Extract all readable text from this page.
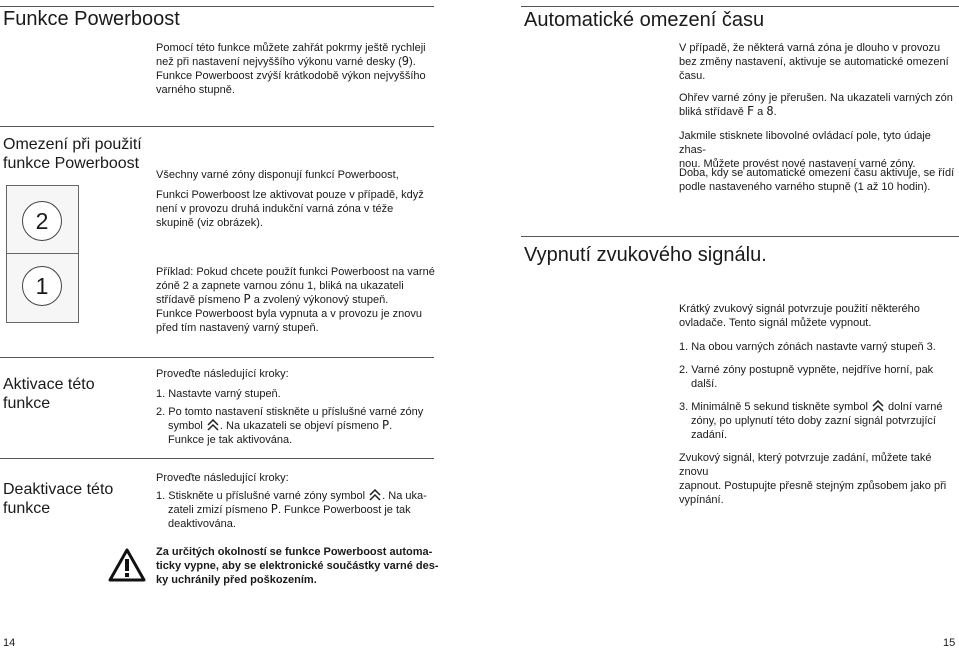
Funkce Powerboost
Pomocí této funkce můžete zahřát pokrmy ještě rychleji
než při nastavení nejvyššího výkonu varné desky (9).
Funkce Powerboost zvýší krátkodobě výkon nejvyššího
varného stupně.
Omezení při použití funkce Powerboost
Všechny varné zóny disponují funkcí Powerboost,
Funkci Powerboost lze aktivovat pouze v případě, když
není v provozu druhá indukční varná zóna v téže
skupině (viz obrázek).
2
1
Příklad: Pokud chcete použít funkci Powerboost na varné
zóně 2 a zapnete varnou zónu 1, bliká na ukazateli
střídavě písmeno P a zvolený výkonový stupeň.
Funkce Powerboost byla vypnuta a v provozu je znovu
před tím nastavený varný stupeň.
Aktivace této funkce
Proveďte následující kroky:
1. Nastavte varný stupeň.
2. Po tomto nastavení stiskněte u příslušné varné zóny
symbol . Na ukazateli se objeví písmeno P.
Funkce je tak aktivována.
Deaktivace této funkce
Proveďte následující kroky:
1. Stiskněte u příslušné varné zóny symbol . Na uka-
zateli zmizí písmeno P. Funkce Powerboost je tak
deaktivována.
Za určitých okolností se funkce Powerboost automa-
ticky vypne, aby se elektronické součástky varné des-
ky uchránily před poškozením.
14
Automatické omezení času
V případě, že některá varná zóna je dlouho v provozu
bez změny nastavení, aktivuje se automatické omezení
času.
Ohřev varné zóny je přerušen. Na ukazateli varných zón
bliká střídavě F a 8.
Jakmile stisknete libovolné ovládací pole, tyto údaje zhas-
nou. Můžete provést nové nastavení varné zóny.
Doba, kdy se automatické omezení času aktivuje, se řídí
podle nastaveného varného stupně (1 až 10 hodin).
Vypnutí zvukového signálu.
Krátký zvukový signál potvrzuje použití některého
ovladače. Tento signál můžete vypnout.
1. Na obou varných zónách nastavte varný stupeň 3.
2. Varné zóny postupně vypněte, nejdříve horní, pak
další.
3. Minimálně 5 sekund tiskněte symbol  dolní varné
zóny, po uplynutí této doby zazní signál potvrzující
zadání.
Zvukový signál, který potvrzuje zadání, můžete také znovu
zapnout. Postupujte přesně stejným způsobem jako při
vypínání.
15
